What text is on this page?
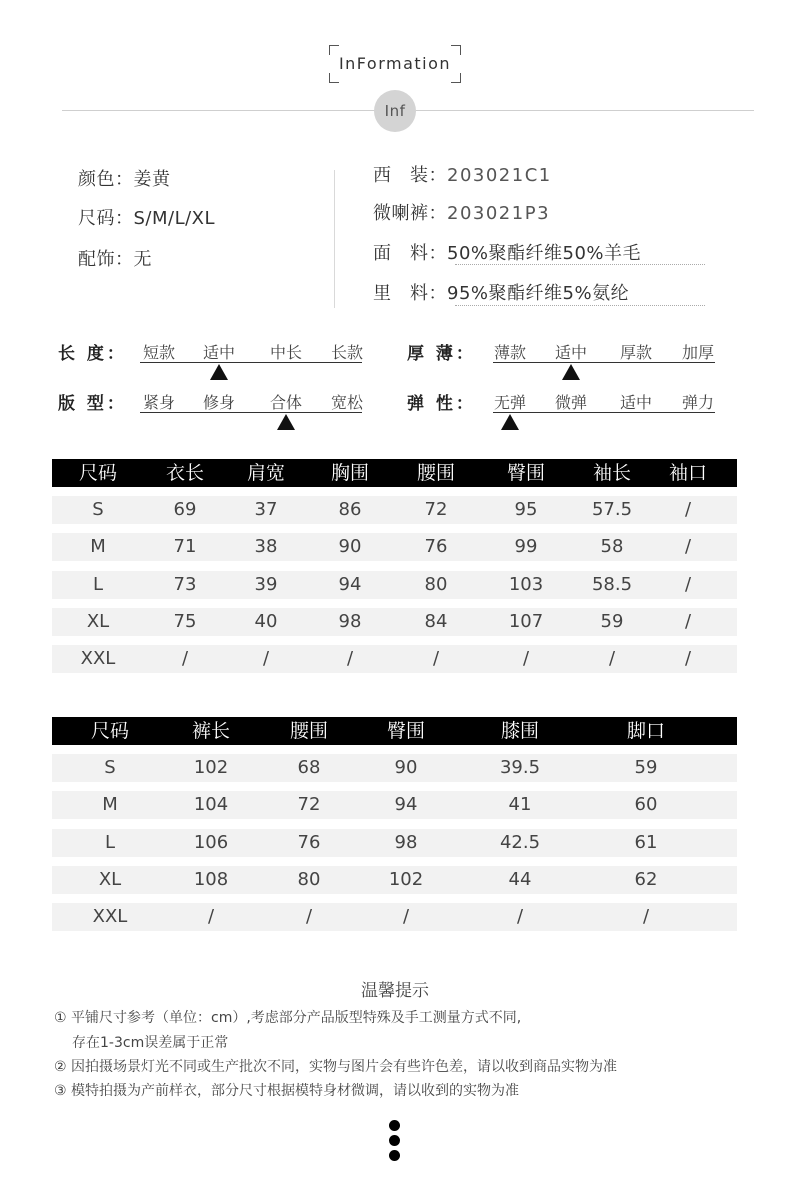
InFormation
Inf
颜色：姜黄
尺码：S/M/L/XL
配饰：无
西　装：203021C1
微喇裤：203021P3
面　料：50%聚酯纤维50%羊毛
里　料：95%聚酯纤维5%氨纶
长 度： 短款 适中 中长 长款	厚 薄： 薄款 适中 厚款 加厚
版 型： 紧身 修身 合体 宽松	弹 性： 无弹 微弹 适中 弹力
尺码	衣长 肩宽 胸围	腰围	臀围	袖长 袖口
S	69	37	86	72	95	57.5	/
M	71	38	90	76	99	58	/
L	73	39	94	80	103	58.5	/
XL	75	40	98	84	107	59	/
XXL	/	/	/	/	/	/	/
尺码	裤长	腰围	臀围	膝围	脚口
S	102	68	90	39.5	59
M	104	72	94	41	60
L	106	76	98	42.5	61
XL	108	80	102	44	62
XXL	/	/	/	/	/
温馨提示
① 平铺尺寸参考（单位：cm）,考虑部分产品版型特殊及手工测量方式不同,
存在1-3cm误差属于正常
② 因拍摄场景灯光不同或生产批次不同，实物与图片会有些许色差，请以收到商品实物为准
③ 模特拍摄为产前样衣，部分尺寸根据模特身材微调，请以收到的实物为准
